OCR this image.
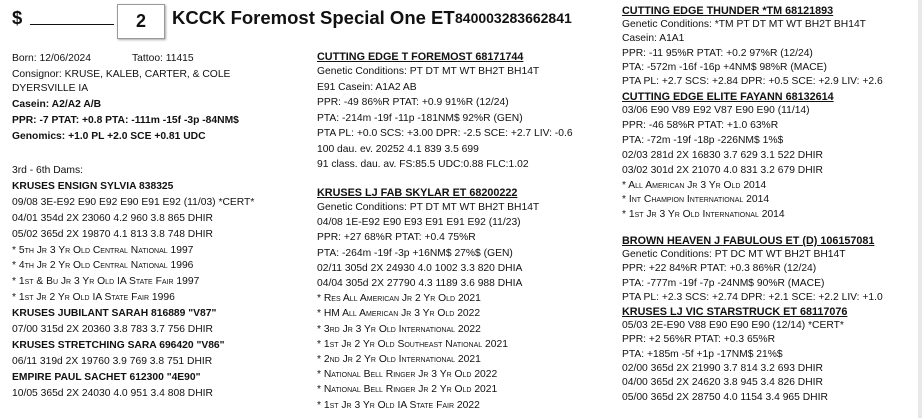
$	2 KCCK Foremost Special One ET 840003283662841
Born: 12/06/2024	Tattoo: 11415
Consignor: KRUSE, KALEB, CARTER, & COLE
DYERSVILLE IA
Casein: A2/A2 A/B
PPR: -7 PTAT: +0.8 PTA: -111m -15f -3p -84NM$
Genomics: +1.0 PL +2.0 SCE +0.81 UDC
3rd - 6th Dams:
KRUSES ENSIGN SYLVIA 838325
09/08 3E-E92 E90 E92 E90 E91 E92 (11/03) *CERT*
04/01 354d 2X 23060 4.2 960 3.8 865 DHIR
05/02 365d 2X 19870 4.1 813 3.8 748 DHIR
* 5th Jr 3 Yr Old Central National 1997
* 4th Jr 2 Yr Old Central National 1996
* 1st & Bu Jr 3 Yr Old IA State Fair 1997
* 1st Jr 2 Yr Old IA State Fair 1996
KRUSES JUBILANT SARAH 816889 "V87"
07/00 315d 2X 20360 3.8 783 3.7 756 DHIR
KRUSES STRETCHING SARA 696420 "V86"
06/11 319d 2X 19760 3.9 769 3.8 751 DHIR
EMPIRE PAUL SACHET 612300 "4E90"
10/05 365d 2X 24030 4.0 951 3.4 808 DHIR
CUTTING EDGE T FOREMOST 68171744
Genetic Conditions: PT DT MT WT BH2T BH14T
E91 Casein: A1A2 AB
PPR: -49 86%R PTAT: +0.9 91%R (12/24)
PTA: -214m -19f -11p -181NM$ 92%R (GEN)
PTA PL: +0.0 SCS: +3.00 DPR: -2.5 SCE: +2.7 LIV: -0.6
100 dau. ev. 20252 4.1 839 3.5 699
91 class. dau. av. FS:85.5 UDC:0.88 FLC:1.02
KRUSES LJ FAB SKYLAR ET 68200222
Genetic Conditions: PT DT MT WT BH2T BH14T
04/08 1E-E92 E90 E93 E91 E91 E92 (11/23)
PPR: +27 68%R PTAT: +0.4 75%R
PTA: -264m -19f -3p +16NM$ 27%$ (GEN)
02/11 305d 2X 24930 4.0 1002 3.3 820 DHIA
04/04 305d 2X 27790 4.3 1189 3.6 988 DHIA
* Res All American Jr 2 Yr Old 2021
* HM All American Jr 3 Yr Old 2022
* 3rd Jr 3 Yr Old International 2022
* 1st Jr 2 Yr Old Southeast National 2021
* 2nd Jr 2 Yr Old International 2021
* National Bell Ringer Jr 3 Yr Old 2022
* National Bell Ringer Jr 2 Yr Old 2021
* 1st Jr 3 Yr Old IA State Fair 2022
CUTTING EDGE THUNDER *TM 68121893
Genetic Conditions: *TM PT DT MT WT BH2T BH14T
Casein: A1A1
PPR: -11 95%R PTAT: +0.2 97%R (12/24)
PTA: -572m -16f -16p +4NM$ 98%R (MACE)
PTA PL: +2.7 SCS: +2.84 DPR: +0.5 SCE: +2.9 LIV: +2.6
CUTTING EDGE ELITE FAYANN 68132614
03/06 E90 V89 E92 V87 E90 E90 (11/14)
PPR: -46 58%R PTAT: +1.0 63%R
PTA: -72m -19f -18p -226NM$ 1%$
02/03 281d 2X 16830 3.7 629 3.1 522 DHIR
03/02 301d 2X 21070 4.0 831 3.2 679 DHIR
* All American Jr 3 Yr Old 2014
* Int Champion International 2014
* 1st Jr 3 Yr Old International 2014
BROWN HEAVEN J FABULOUS ET (D) 106157081
Genetic Conditions: PT DC MT WT BH2T BH14T
PPR: +22 84%R PTAT: +0.3 86%R (12/24)
PTA: -777m -19f -7p -24NM$ 90%R (MACE)
PTA PL: +2.3 SCS: +2.74 DPR: +2.1 SCE: +2.2 LIV: +1.0
KRUSES LJ VIC STARSTRUCK ET 68117076
05/03 2E-E90 V88 E90 E90 E90 (12/14) *CERT*
PPR: +2 56%R PTAT: +0.3 65%R
PTA: +185m -5f +1p -17NM$ 21%$
02/00 365d 2X 21990 3.7 814 3.2 693 DHIR
04/00 365d 2X 24620 3.8 945 3.4 826 DHIR
05/00 365d 2X 28750 4.0 1154 3.4 965 DHIR
